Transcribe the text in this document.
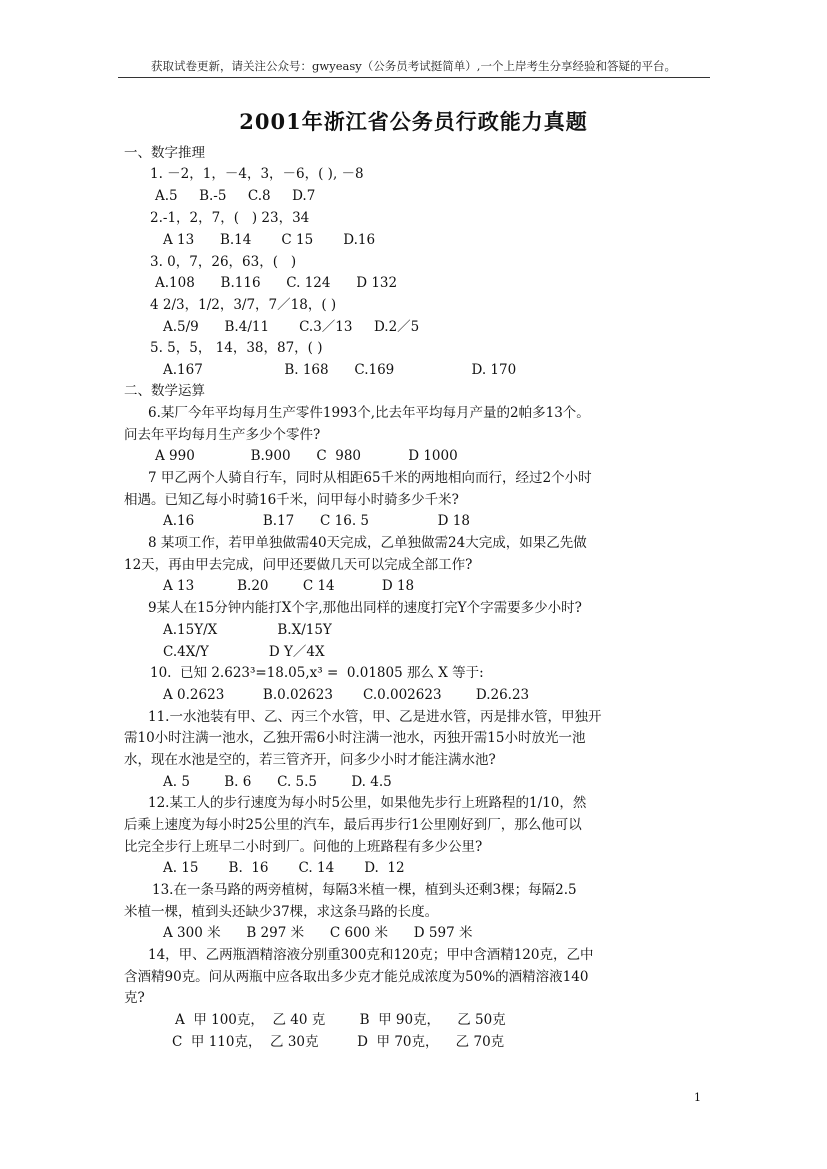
获取试卷更新，请关注公众号：gwyeasy（公务员考试挺简单）,一个上岸考生分享经验和答疑的平台。
2001年浙江省公务员行政能力真题
一、数字推理
1. －2，1，－4，3，－6，( ), －8
A.5     B.-5     C.8     D.7
2.-1，2，7，(   ) 23，34
A 13      B.14       C 15       D.16
3. 0，7，26，63，(   )
A.108      B.116      C. 124      D 132
4 2/3，1/2，3/7，7／18，( )
A.5/9      B.4/11       C.3／13     D.2／5
5. 5，5， 14，38，87，( )
A.167                   B. 168      C.169                  D. 170
二、数学运算
6.某厂今年平均每月生产零件1993个,比去年平均每月产量的2帕多13个。
问去年平均每月生产多少个零件?
A 990             B.900      C  980           D 1000
7 甲乙两个人骑自行车，同时从相距65千米的两地相向而行，经过2个小时
相遇。已知乙每小时骑16千米，问甲每小时骑多少千米?
A.16                B.17      C 16. 5                D 18
8 某项工作，若甲单独做需40天完成，乙单独做需24大完成，如果乙先做
12天，再由甲去完成，问甲还要做几天可以完成全部工作?
A 13          B.20        C 14           D 18
9某人在15分钟内能打X个字,那他出同样的速度打完Y个字需要多少小时?
A.15Y/X              B.X/15Y
C.4X/Y              D Y／4X
10.  已知 2.623³=18.05,x³ =  0.01805 那么 X 等于:
A 0.2623         B.0.02623       C.0.002623        D.26.23
11.一水池装有甲、乙、丙三个水管，甲、乙是进水管，丙是排水管，甲独开
需10小时注满一池水，乙独开需6小时注满一池水，丙独开需15小时放光一池
水，现在水池是空的，若三管齐开，问多少小时才能注满水池?
A. 5        B. 6      C. 5.5        D. 4.5
12.某工人的步行速度为每小时5公里，如果他先步行上班路程的1/10，然
后乘上速度为每小时25公里的汽车，最后再步行1公里刚好到厂，那么他可以
比完全步行上班早二小时到厂。问他的上班路程有多少公里?
A. 15       B.  16       C. 14       D.  12
13.在一条马路的两旁植树，每隔3米植一棵，植到头还剩3棵；每隔2.5
米植一棵，植到头还缺少37棵，求这条马路的长度。
A 300 米      B 297 米      C 600 米      D 597 米
14，甲、乙两瓶酒精溶液分别重300克和120克；甲中含酒精120克，乙中
含酒精90克。问从两瓶中应各取出多少克才能兑成浓度为50%的酒精溶液140
克?
A  甲 100克，  乙 40 克        B  甲 90克，    乙 50克
C  甲 110克，  乙 30克         D  甲 70克，    乙 70克
1
